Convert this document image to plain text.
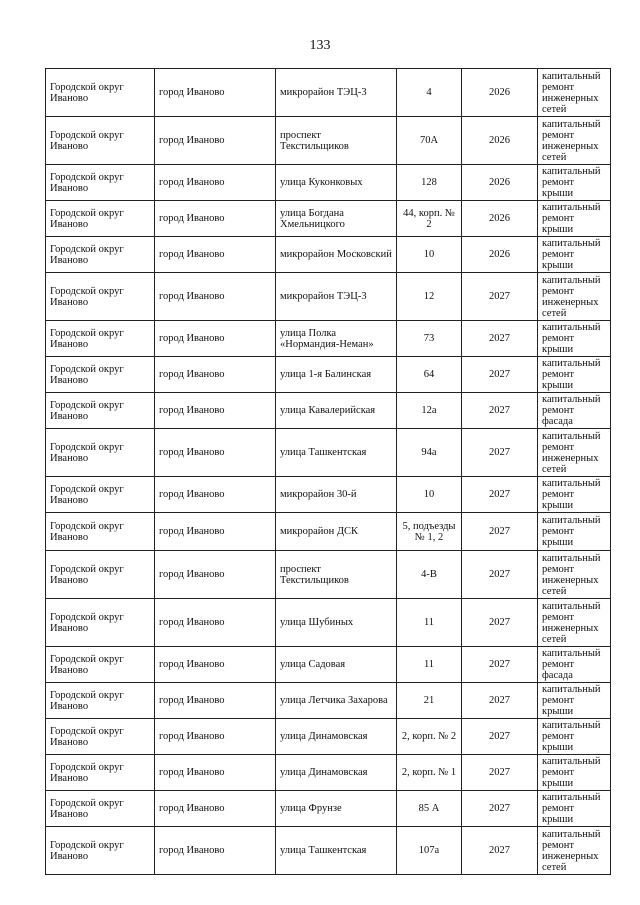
133
Городской округ Иваново	город Иваново	микрорайон ТЭЦ-3	4	2026	капитальный ремонт инженерных сетей
Городской округ Иваново	город Иваново	проспект Текстильщиков	70А	2026	капитальный ремонт инженерных сетей
Городской округ Иваново	город Иваново	улица Куконковых	128	2026	капитальный ремонт крыши
Городской округ Иваново	город Иваново	улица Богдана Хмельницкого	44, корп. № 2	2026	капитальный ремонт крыши
Городской округ Иваново	город Иваново	микрорайон Московский	10	2026	капитальный ремонт крыши
Городской округ Иваново	город Иваново	микрорайон ТЭЦ-3	12	2027	капитальный ремонт инженерных сетей
Городской округ Иваново	город Иваново	улица Полка «Нормандия-Неман»	73	2027	капитальный ремонт крыши
Городской округ Иваново	город Иваново	улица 1-я Балинская	64	2027	капитальный ремонт крыши
Городской округ Иваново	город Иваново	улица Кавалерийская	12а	2027	капитальный ремонт фасада
Городской округ Иваново	город Иваново	улица Ташкентская	94а	2027	капитальный ремонт инженерных сетей
Городской округ Иваново	город Иваново	микрорайон 30-й	10	2027	капитальный ремонт крыши
Городской округ Иваново	город Иваново	микрорайон ДСК	5, подъезды № 1, 2	2027	капитальный ремонт крыши
Городской округ Иваново	город Иваново	проспект Текстильщиков	4-В	2027	капитальный ремонт инженерных сетей
Городской округ Иваново	город Иваново	улица Шубиных	11	2027	капитальный ремонт инженерных сетей
Городской округ Иваново	город Иваново	улица Садовая	11	2027	капитальный ремонт фасада
Городской округ Иваново	город Иваново	улица Летчика Захарова	21	2027	капитальный ремонт крыши
Городской округ Иваново	город Иваново	улица Динамовская	2, корп. № 2	2027	капитальный ремонт крыши
Городской округ Иваново	город Иваново	улица Динамовская	2, корп. № 1	2027	капитальный ремонт крыши
Городской округ Иваново	город Иваново	улица Фрунзе	85 А	2027	капитальный ремонт крыши
Городской округ Иваново	город Иваново	улица Ташкентская	107а	2027	капитальный ремонт инженерных сетей
